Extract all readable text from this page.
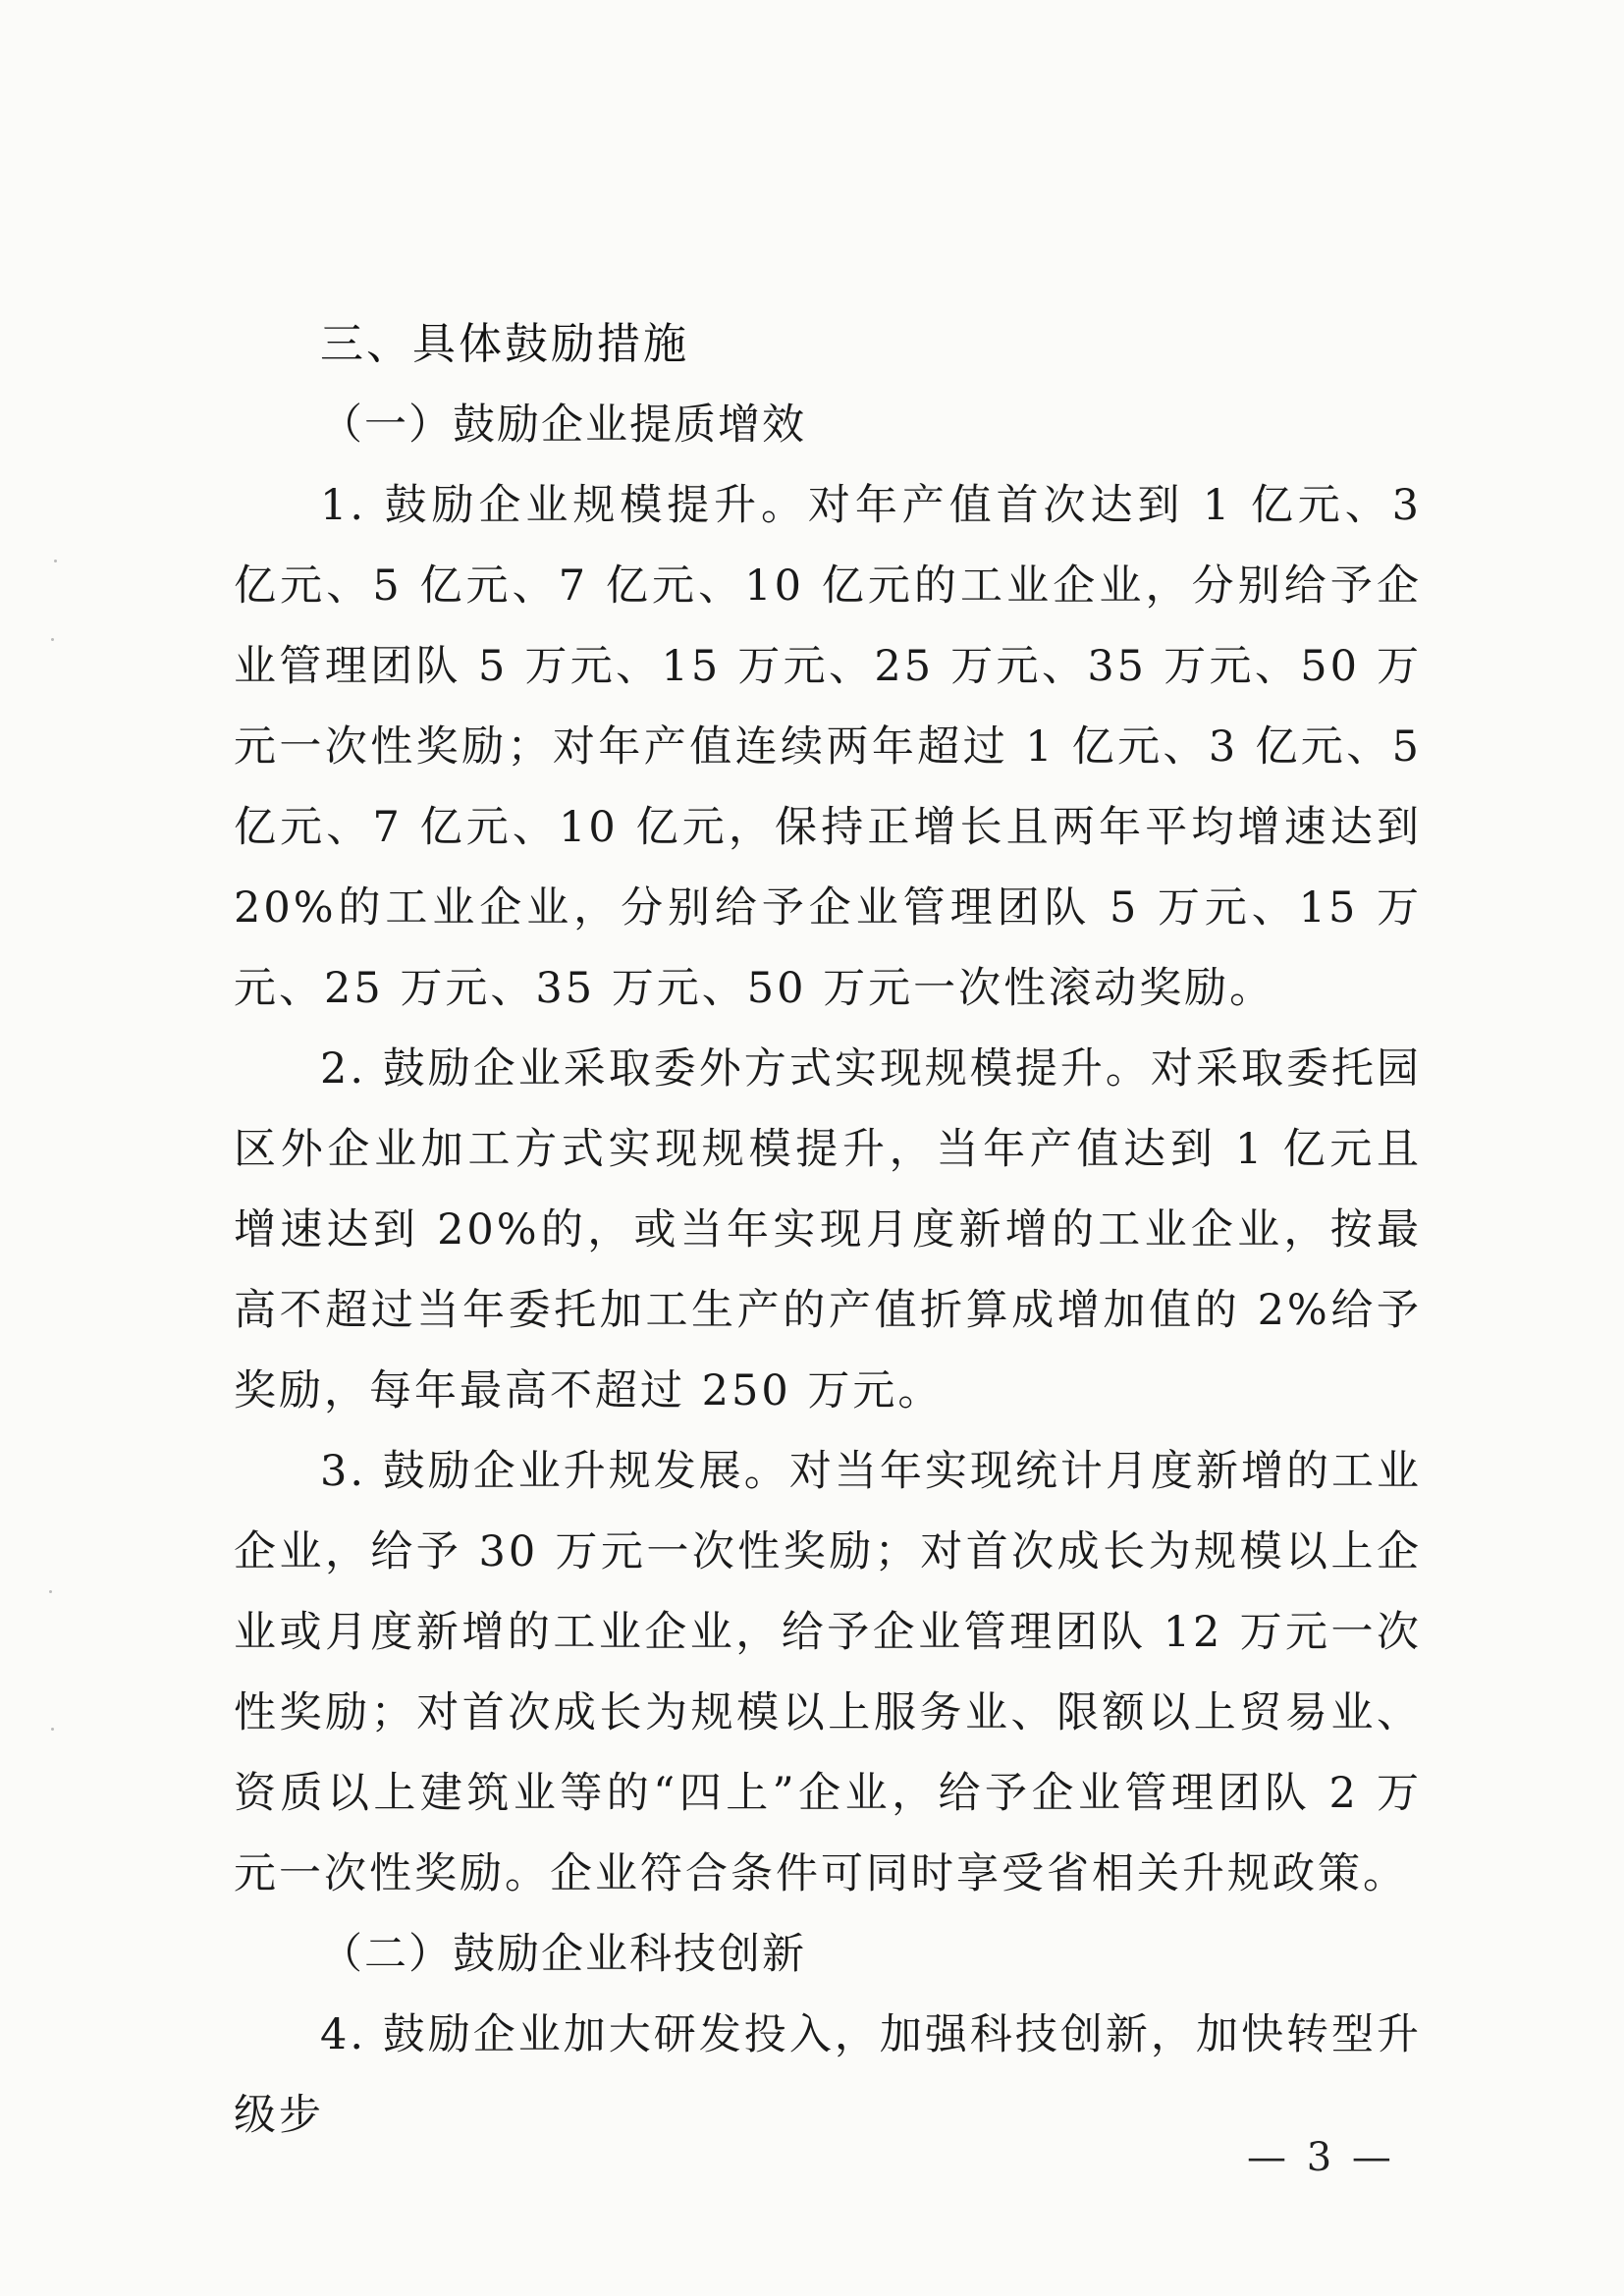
三、具体鼓励措施
（一）鼓励企业提质增效

1. 鼓励企业规模提升。对年产值首次达到 1 亿元、3 亿元、5 亿元、7 亿元、10 亿元的工业企业，分别给予企业管理团队 5 万元、15 万元、25 万元、35 万元、50 万元一次性奖励；对年产值连续两年超过 1 亿元、3 亿元、5 亿元、7 亿元、10 亿元，保持正增长且两年平均增速达到 20%的工业企业，分别给予企业管理团队 5 万元、15 万元、25 万元、35 万元、50 万元一次性滚动奖励。

2. 鼓励企业采取委外方式实现规模提升。对采取委托园区外企业加工方式实现规模提升，当年产值达到 1 亿元且增速达到 20%的，或当年实现月度新增的工业企业，按最高不超过当年委托加工生产的产值折算成增加值的 2%给予奖励，每年最高不超过 250 万元。

3. 鼓励企业升规发展。对当年实现统计月度新增的工业企业，给予 30 万元一次性奖励；对首次成长为规模以上企业或月度新增的工业企业，给予企业管理团队 12 万元一次性奖励；对首次成长为规模以上服务业、限额以上贸易业、资质以上建筑业等的“四上”企业，给予企业管理团队 2 万元一次性奖励。企业符合条件可同时享受省相关升规政策。

（二）鼓励企业科技创新

4. 鼓励企业加大研发投入，加强科技创新，加快转型升级步

— 3 —
